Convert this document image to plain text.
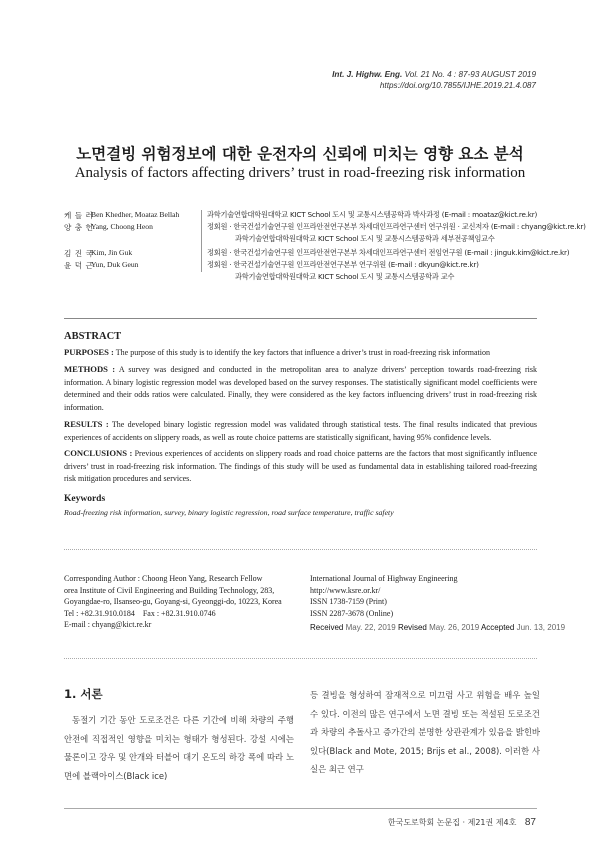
Int. J. Highw. Eng. Vol. 21 No. 4 : 87-93 AUGUST 2019
https://doi.org/10.7855/IJHE.2019.21.4.087
노면결빙 위험정보에 대한 운전자의 신뢰에 미치는 영향 요소 분석
Analysis of factors affecting drivers’ trust in road-freezing risk information
케 들 러
Ben Khedher, Moataz Bellah	과학기술연합대학원대학교 KICT School 도시 및 교통시스템공학과 박사과정 (E-mail : moataz@kict.re.kr)
양 충 헌
Yang, Choong Heon	정회원 · 한국건설기술연구원 인프라안전연구본부 차세대인프라연구센터 연구위원 · 교신저자 (E-mail : chyang@kict.re.kr)
과학기술연합대학원대학교 KICT School 도시 및 교통시스템공학과 세부전공책임교수
김 진 국
Kim, Jin Guk	정회원 · 한국건설기술연구원 인프라안전연구본부 차세대인프라연구센터 전임연구원 (E-mail : jinguk.kim@kict.re.kr)
윤 덕 근
Yun, Duk Geun	정회원 · 한국건설기술연구원 인프라안전연구본부 연구위원 (E-mail : dkyun@kict.re.kr)
과학기술연합대학원대학교 KICT School 도시 및 교통시스템공학과 교수
ABSTRACT
PURPOSES : The purpose of this study is to identify the key factors that influence a driver’s trust in road-freezing risk information
METHODS : A survey was designed and conducted in the metropolitan area to analyze drivers’ perception towards road-freezing risk information. A binary logistic regression model was developed based on the survey responses. The statistically significant model coefficients were determined and their odds ratios were calculated. Finally, they were considered as the key factors influencing drivers’ trust in road-freezing risk information.
RESULTS : The developed binary logistic regression model was validated through statistical tests. The final results indicated that previous experiences of accidents on slippery roads, as well as route choice patterns are statistically significant, having 95% confidence levels.
CONCLUSIONS : Previous experiences of accidents on slippery roads and road choice patterns are the factors that most significantly influence drivers’ trust in road-freezing risk information. The findings of this study will be used as fundamental data in establishing tailored road-freezing risk mitigation procedures and services.
Keywords
Road-freezing risk information, survey, binary logistic regression, road surface temperature, traffic safety
Corresponding Author : Choong Heon Yang, Research Fellow
orea Institute of Civil Engineering and Building Technology, 283,
Goyangdae-ro, Ilsanseo-gu, Goyang-si, Gyeonggi-do, 10223, Korea
Tel : +82.31.910.0184    Fax : +82.31.910.0746
E-mail : chyang@kict.re.kr
International Journal of Highway Engineering
http://www.ksre.or.kr/
ISSN 1738-7159 (Print)
ISSN 2287-3678 (Online)
Received May. 22, 2019 Revised May. 26, 2019 Accepted Jun. 13, 2019
1. 서론
동절기 기간 동안 도로조건은 다른 기간에 비해 차량의 주행안전에 직접적인 영향을 미치는 형태가 형성된다. 강설 시에는 물론이고 강우 및 안개와 터블어 대기 온도의 하강 폭에 따라 노면에 블랙아이스(Black ice)
등 결빙을 형성하여 잠재적으로 미끄럼 사고 위험을 배우 높일 수 있다. 이전의 많은 연구에서 노면 결빙 또는 적설된 도로조건과 차량의 추돌사고 증가간의 분명한 상관관계가 있음을 밝힌바 있다(Black and Mote, 2015; Brijs et al., 2008). 이러한 사실은 최근 연구
한국도로학회 논문집 · 제21권 제4호 87
